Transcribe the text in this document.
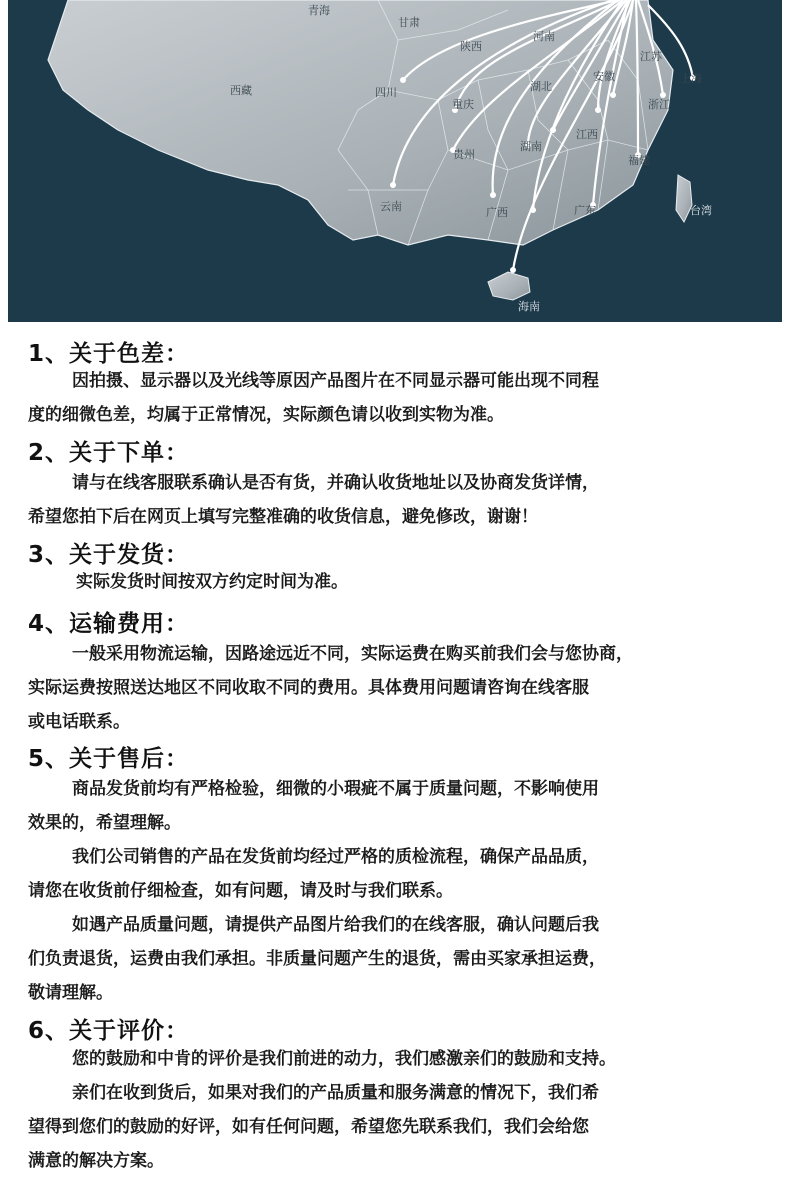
青海
甘肃
西藏	四川
陕西
河南
安徽
江苏
上海
重庆
湖北
贵州
湖南
江西
浙江
福建
云南	广西	广东	台湾
海南
1、关于色差：
因拍摄、显示器以及光线等原因产品图片在不同显示器可能出现不同程
度的细微色差，均属于正常情况，实际颜色请以收到实物为准。
2、关于下单：
请与在线客服联系确认是否有货，并确认收货地址以及协商发货详情，
希望您拍下后在网页上填写完整准确的收货信息，避免修改，谢谢！
3、关于发货：
实际发货时间按双方约定时间为准。
4、运输费用：
一般采用物流运输，因路途远近不同，实际运费在购买前我们会与您协商，
实际运费按照送达地区不同收取不同的费用。具体费用问题请咨询在线客服
或电话联系。
5、关于售后：
商品发货前均有严格检验，细微的小瑕疵不属于质量问题，不影响使用
效果的，希望理解。
我们公司销售的产品在发货前均经过严格的质检流程，确保产品品质，
请您在收货前仔细检查，如有问题，请及时与我们联系。
如遇产品质量问题，请提供产品图片给我们的在线客服，确认问题后我
们负责退货，运费由我们承担。非质量问题产生的退货，需由买家承担运费，
敬请理解。
6、关于评价：
您的鼓励和中肯的评价是我们前进的动力，我们感激亲们的鼓励和支持。
亲们在收到货后，如果对我们的产品质量和服务满意的情况下，我们希
望得到您们的鼓励的好评，如有任何问题，希望您先联系我们，我们会给您
满意的解决方案。
